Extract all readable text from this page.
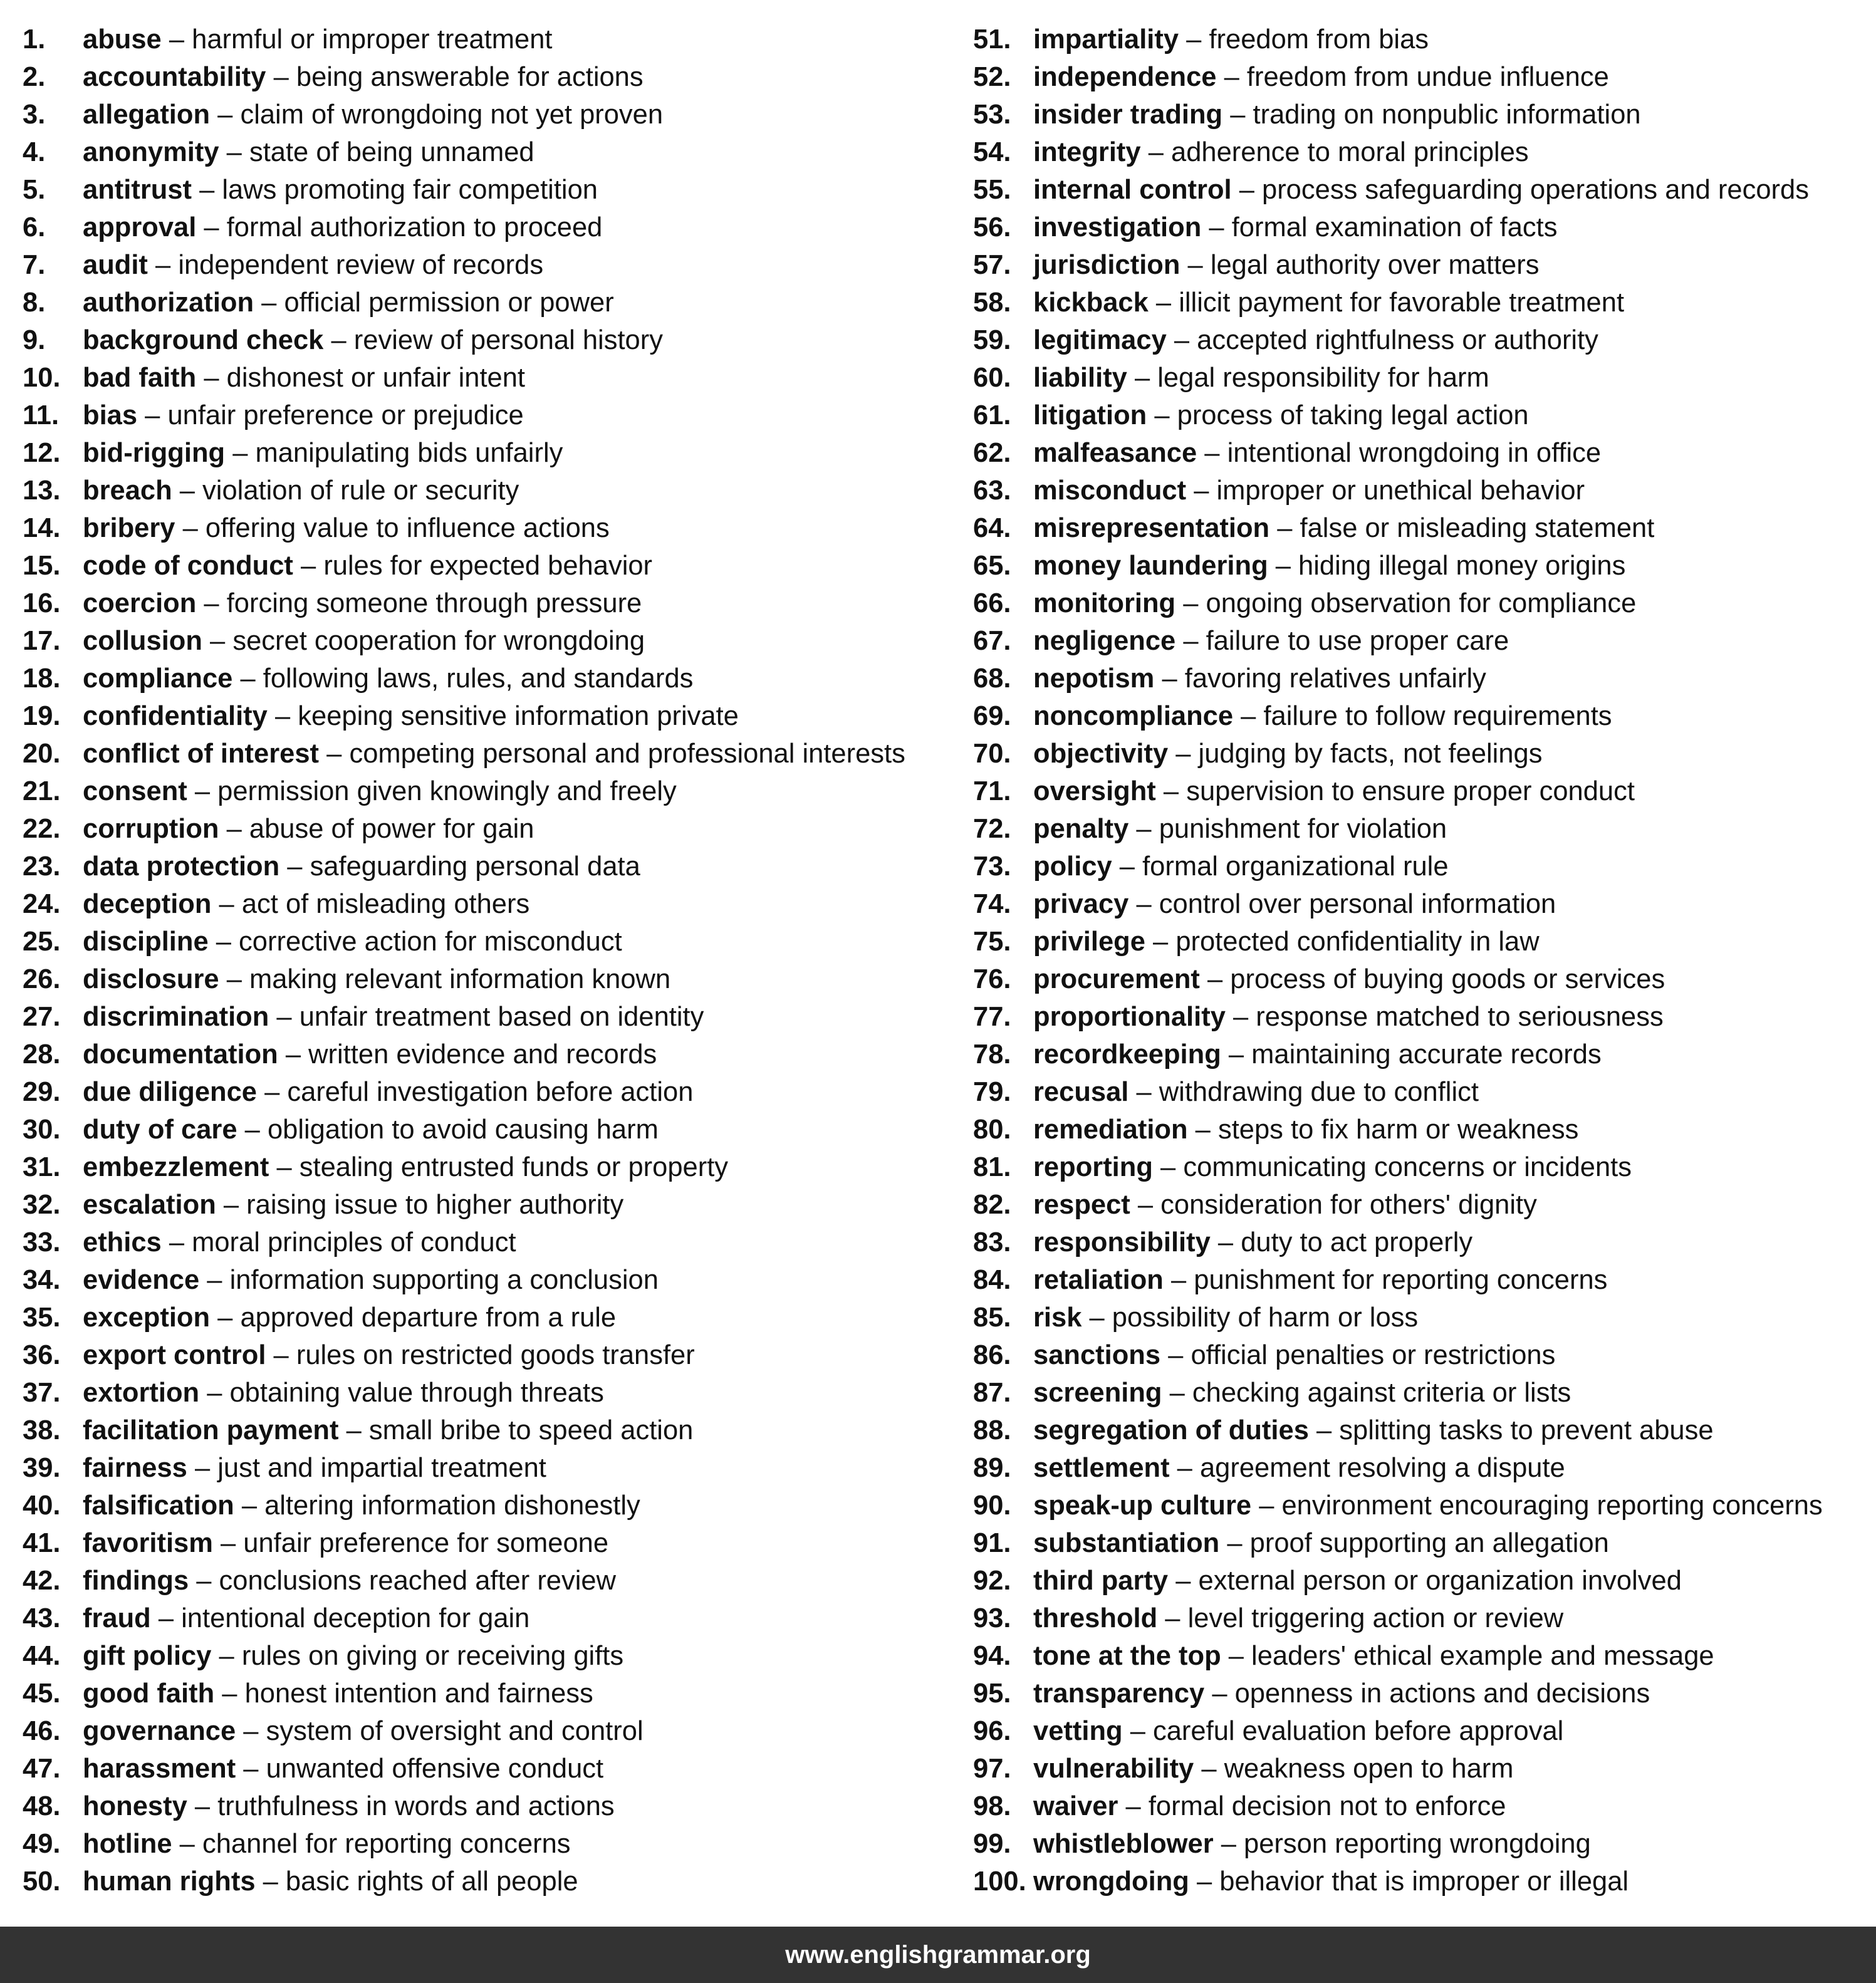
1. abuse – harmful or improper treatment
2. accountability – being answerable for actions
3. allegation – claim of wrongdoing not yet proven
4. anonymity – state of being unnamed
5. antitrust – laws promoting fair competition
6. approval – formal authorization to proceed
7. audit – independent review of records
8. authorization – official permission or power
9. background check – review of personal history
10. bad faith – dishonest or unfair intent
11. bias – unfair preference or prejudice
12. bid-rigging – manipulating bids unfairly
13. breach – violation of rule or security
14. bribery – offering value to influence actions
15. code of conduct – rules for expected behavior
16. coercion – forcing someone through pressure
17. collusion – secret cooperation for wrongdoing
18. compliance – following laws, rules, and standards
19. confidentiality – keeping sensitive information private
20. conflict of interest – competing personal and professional interests
21. consent – permission given knowingly and freely
22. corruption – abuse of power for gain
23. data protection – safeguarding personal data
24. deception – act of misleading others
25. discipline – corrective action for misconduct
26. disclosure – making relevant information known
27. discrimination – unfair treatment based on identity
28. documentation – written evidence and records
29. due diligence – careful investigation before action
30. duty of care – obligation to avoid causing harm
31. embezzlement – stealing entrusted funds or property
32. escalation – raising issue to higher authority
33. ethics – moral principles of conduct
34. evidence – information supporting a conclusion
35. exception – approved departure from a rule
36. export control – rules on restricted goods transfer
37. extortion – obtaining value through threats
38. facilitation payment – small bribe to speed action
39. fairness – just and impartial treatment
40. falsification – altering information dishonestly
41. favoritism – unfair preference for someone
42. findings – conclusions reached after review
43. fraud – intentional deception for gain
44. gift policy – rules on giving or receiving gifts
45. good faith – honest intention and fairness
46. governance – system of oversight and control
47. harassment – unwanted offensive conduct
48. honesty – truthfulness in words and actions
49. hotline – channel for reporting concerns
50. human rights – basic rights of all people
51. impartiality – freedom from bias
52. independence – freedom from undue influence
53. insider trading – trading on nonpublic information
54. integrity – adherence to moral principles
55. internal control – process safeguarding operations and records
56. investigation – formal examination of facts
57. jurisdiction – legal authority over matters
58. kickback – illicit payment for favorable treatment
59. legitimacy – accepted rightfulness or authority
60. liability – legal responsibility for harm
61. litigation – process of taking legal action
62. malfeasance – intentional wrongdoing in office
63. misconduct – improper or unethical behavior
64. misrepresentation – false or misleading statement
65. money laundering – hiding illegal money origins
66. monitoring – ongoing observation for compliance
67. negligence – failure to use proper care
68. nepotism – favoring relatives unfairly
69. noncompliance – failure to follow requirements
70. objectivity – judging by facts, not feelings
71. oversight – supervision to ensure proper conduct
72. penalty – punishment for violation
73. policy – formal organizational rule
74. privacy – control over personal information
75. privilege – protected confidentiality in law
76. procurement – process of buying goods or services
77. proportionality – response matched to seriousness
78. recordkeeping – maintaining accurate records
79. recusal – withdrawing due to conflict
80. remediation – steps to fix harm or weakness
81. reporting – communicating concerns or incidents
82. respect – consideration for others' dignity
83. responsibility – duty to act properly
84. retaliation – punishment for reporting concerns
85. risk – possibility of harm or loss
86. sanctions – official penalties or restrictions
87. screening – checking against criteria or lists
88. segregation of duties – splitting tasks to prevent abuse
89. settlement – agreement resolving a dispute
90. speak-up culture – environment encouraging reporting concerns
91. substantiation – proof supporting an allegation
92. third party – external person or organization involved
93. threshold – level triggering action or review
94. tone at the top – leaders' ethical example and message
95. transparency – openness in actions and decisions
96. vetting – careful evaluation before approval
97. vulnerability – weakness open to harm
98. waiver – formal decision not to enforce
99. whistleblower – person reporting wrongdoing
100. wrongdoing – behavior that is improper or illegal
www.englishgrammar.org
